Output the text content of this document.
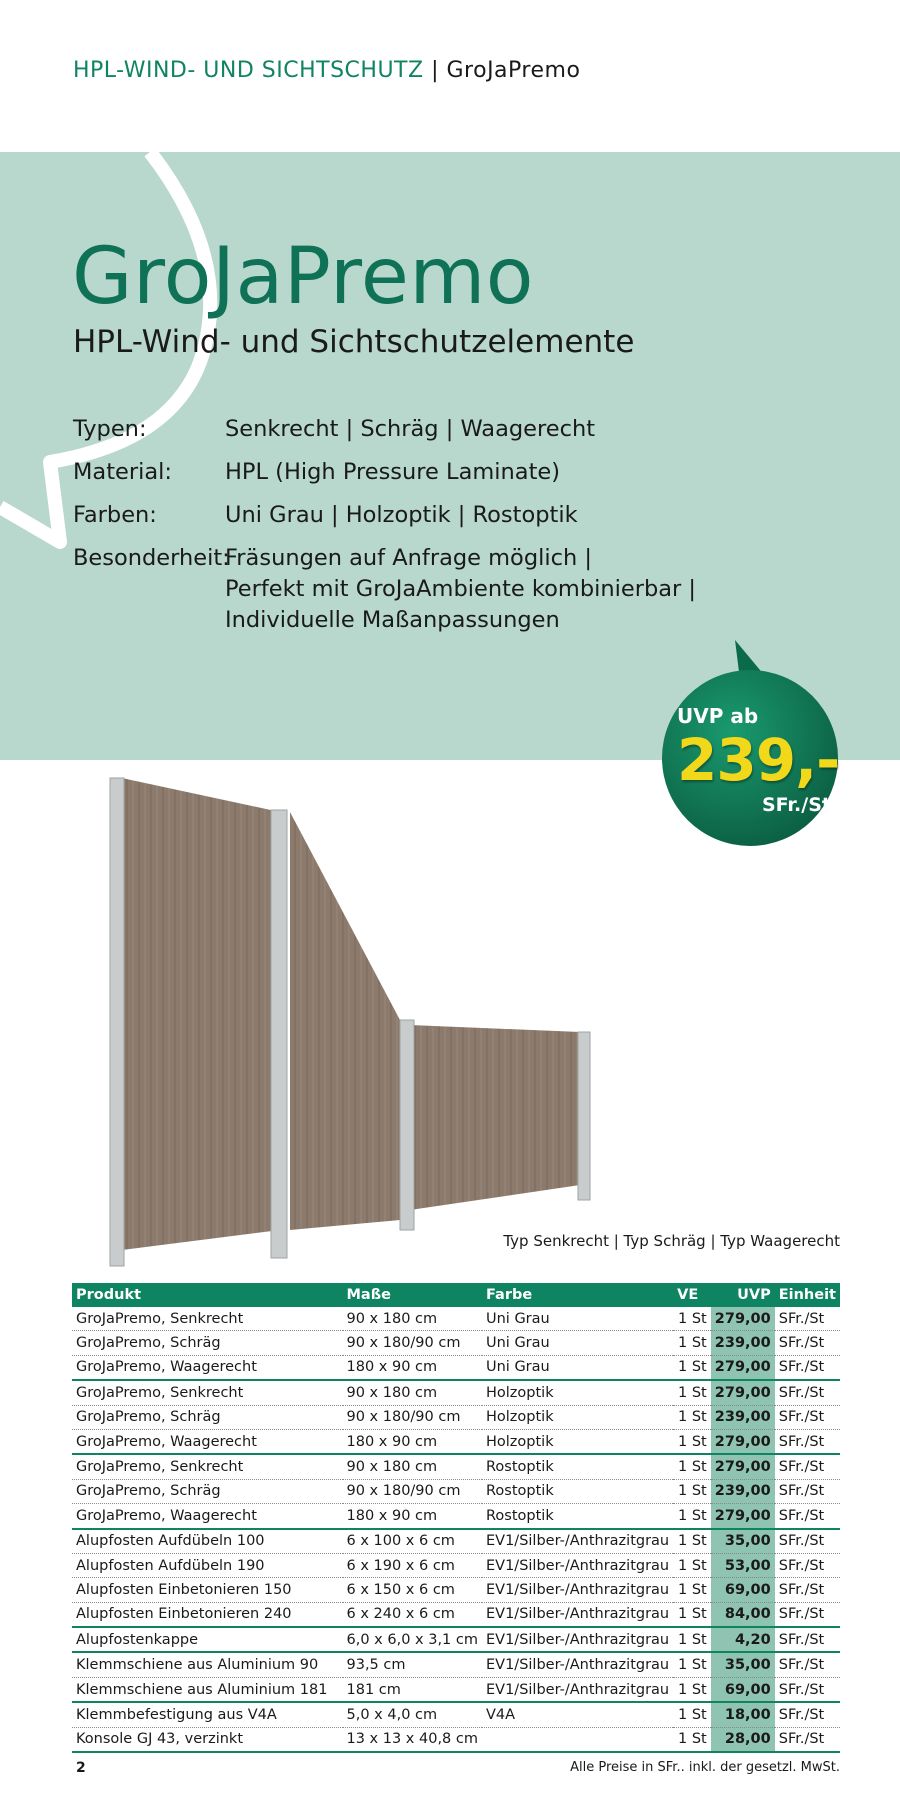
HPL-WIND- UND SICHTSCHUTZ | GroJaPremo
GroJaPremo
HPL-Wind- und Sichtschutzelemente
Typen:	Senkrecht | Schräg | Waagerecht
Material:	HPL (High Pressure Laminate)
Farben:	Uni Grau | Holzoptik | Rostoptik
Besonderheit:
Fräsungen auf Anfrage möglich |
Perfekt mit GroJaAmbiente kombinierbar |
Individuelle Maßanpassungen
UVP ab
239,-
SFr./St
Typ Senkrecht | Typ Schräg | Typ Waagerecht
Produkt	Maße	Farbe	VE	UVP	Einheit
GroJaPremo, Senkrecht	90 x 180 cm	Uni Grau	1 St	279,00	SFr./St
GroJaPremo, Schräg	90 x 180/90 cm	Uni Grau	1 St	239,00	SFr./St
GroJaPremo, Waagerecht	180 x 90 cm	Uni Grau	1 St	279,00	SFr./St
GroJaPremo, Senkrecht	90 x 180 cm	Holzoptik	1 St	279,00	SFr./St
GroJaPremo, Schräg	90 x 180/90 cm	Holzoptik	1 St	239,00	SFr./St
GroJaPremo, Waagerecht	180 x 90 cm	Holzoptik	1 St	279,00	SFr./St
GroJaPremo, Senkrecht	90 x 180 cm	Rostoptik	1 St	279,00	SFr./St
GroJaPremo, Schräg	90 x 180/90 cm	Rostoptik	1 St	239,00	SFr./St
GroJaPremo, Waagerecht	180 x 90 cm	Rostoptik	1 St	279,00	SFr./St
Alupfosten Aufdübeln 100	6 x 100 x 6 cm	EV1/Silber-/Anthrazitgrau	1 St	35,00	SFr./St
Alupfosten Aufdübeln 190	6 x 190 x 6 cm	EV1/Silber-/Anthrazitgrau	1 St	53,00	SFr./St
Alupfosten Einbetonieren 150	6 x 150 x 6 cm	EV1/Silber-/Anthrazitgrau	1 St	69,00	SFr./St
Alupfosten Einbetonieren 240	6 x 240 x 6 cm	EV1/Silber-/Anthrazitgrau	1 St	84,00	SFr./St
Alupfostenkappe	6,0 x 6,0 x 3,1 cm	EV1/Silber-/Anthrazitgrau	1 St	4,20	SFr./St
Klemmschiene aus Aluminium 90	93,5 cm	EV1/Silber-/Anthrazitgrau	1 St	35,00	SFr./St
Klemmschiene aus Aluminium 181	181 cm	EV1/Silber-/Anthrazitgrau	1 St	69,00	SFr./St
Klemmbefestigung aus V4A	5,0 x 4,0 cm	V4A	1 St	18,00	SFr./St
Konsole GJ 43, verzinkt	13 x 13 x 40,8 cm		1 St	28,00	SFr./St
2	Alle Preise in SFr.. inkl. der gesetzl. MwSt.
